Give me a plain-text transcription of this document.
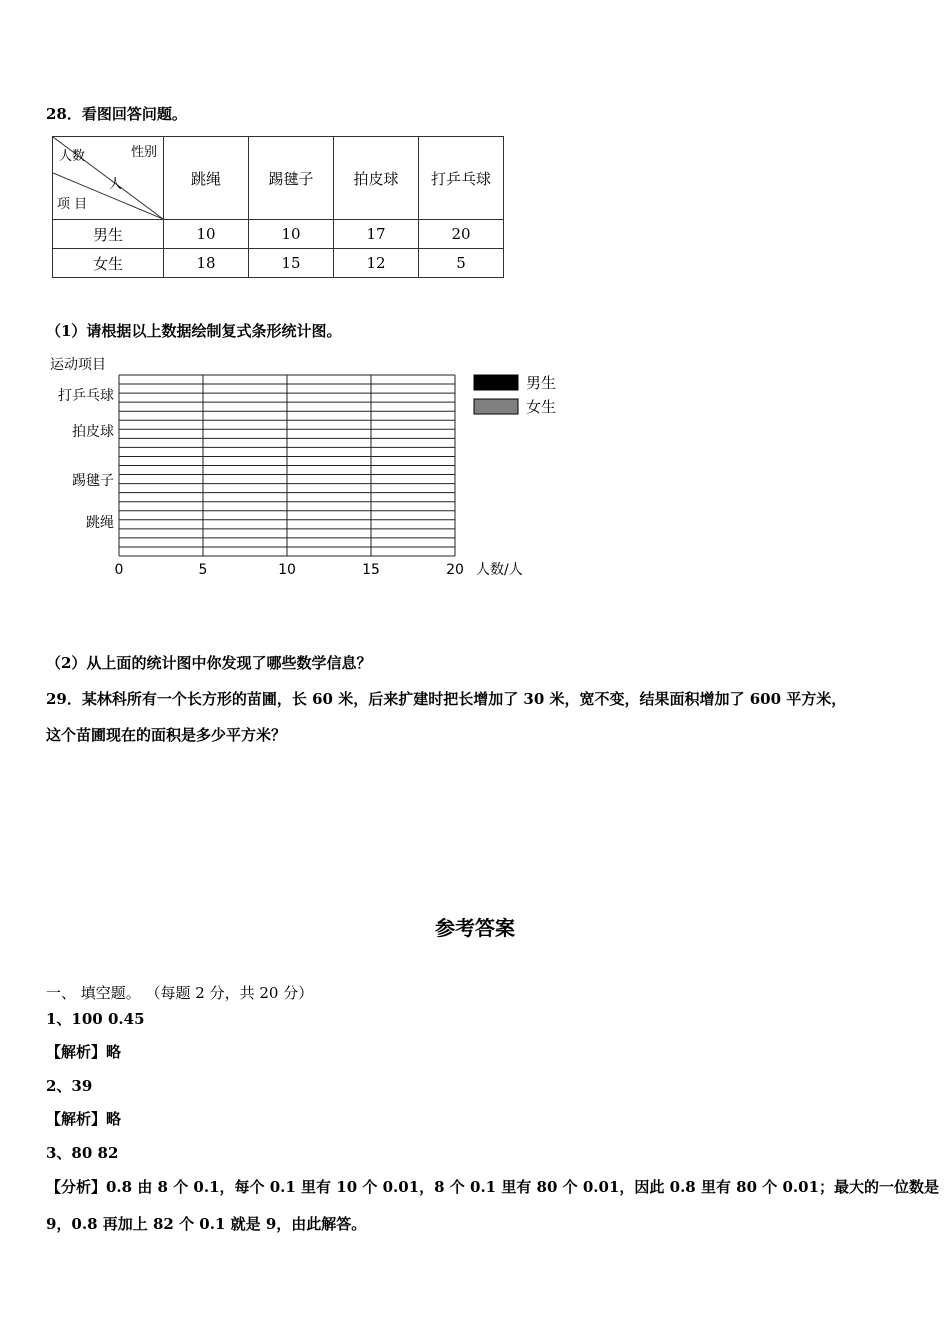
28．看图回答问题。
性别
人数
人
项 目	跳绳	踢毽子	拍皮球	打乒乓球
男生	10	10	17	20
女生	18	15	12	5
（1）请根据以上数据绘制复式条形统计图。
运动项目
打乒乓球
拍皮球
踢毽子
跳绳
0	5	10	15	20 人数/人
男生
女生
（2）从上面的统计图中你发现了哪些数学信息？
29．某林科所有一个长方形的苗圃，长 60 米，后来扩建时把长增加了 30 米，宽不变，结果面积增加了 600 平方米，
这个苗圃现在的面积是多少平方米？
参考答案
一、 填空题。 （每题 2 分，共 20 分）
1、100 0.45
【解析】略
2、39
【解析】略
3、80 82
【分析】0.8 由 8 个 0.1，每个 0.1 里有 10 个 0.01，8 个 0.1 里有 80 个 0.01，因此 0.8 里有 80 个 0.01；最大的一位数是
9，0.8 再加上 82 个 0.1 就是 9，由此解答。
